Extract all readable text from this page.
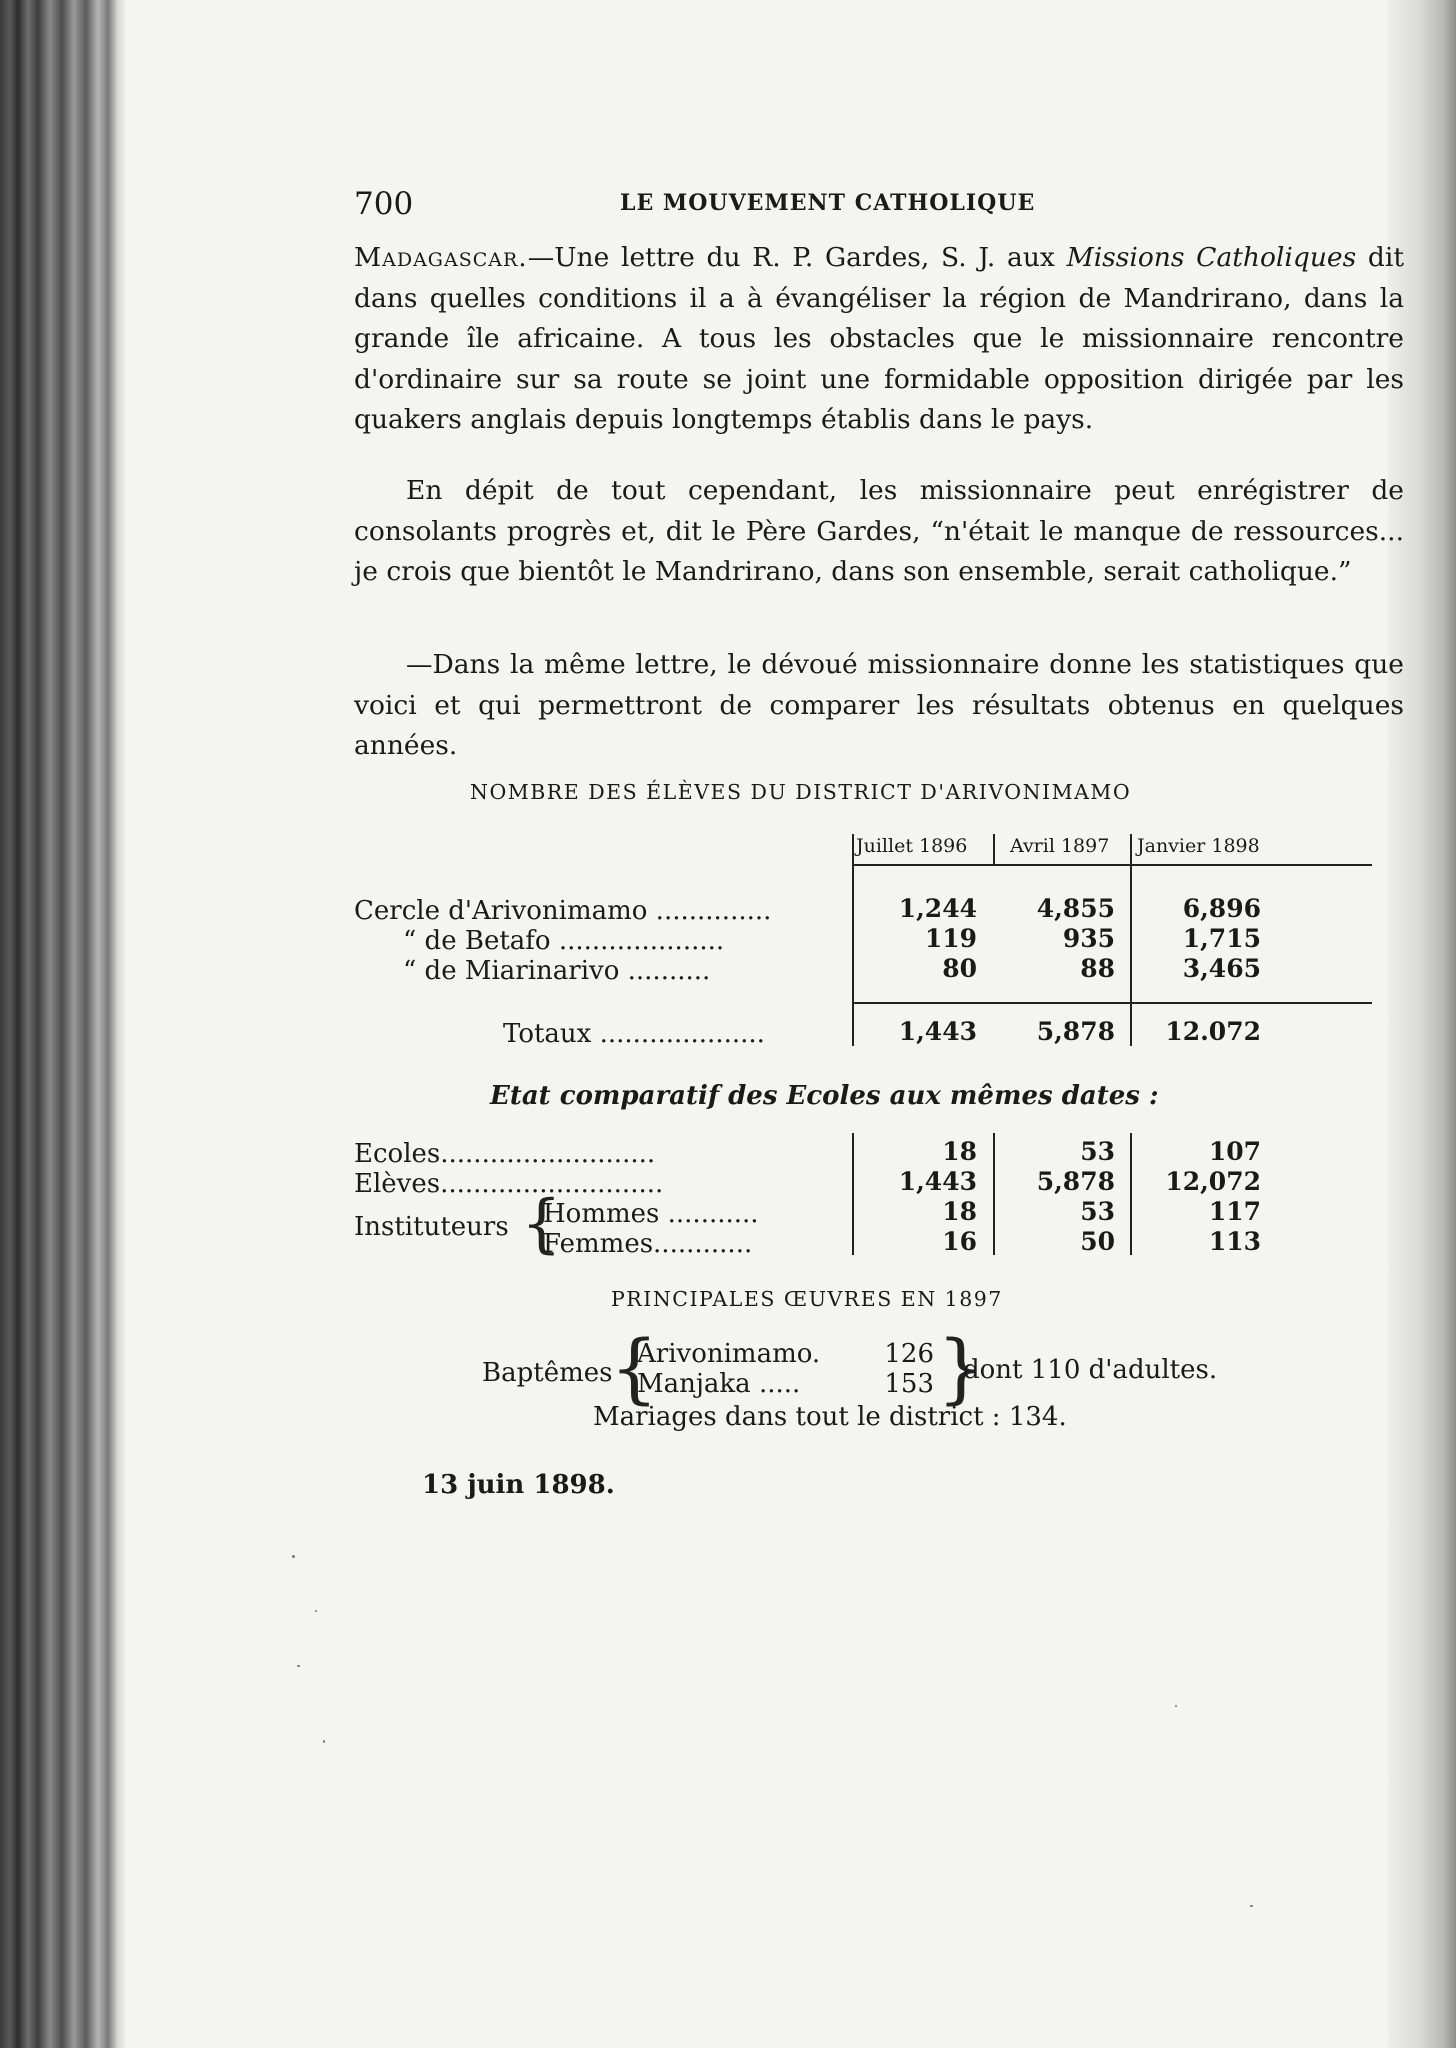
700	LE MOUVEMENT CATHOLIQUE
Madagascar.—Une lettre du R. P. Gardes, S. J. aux Missions Catholiques dit dans quelles conditions il a à évangéliser la région de Mandrirano, dans la grande île africaine. A tous les obstacles que le missionnaire rencontre d'ordinaire sur sa route se joint une formidable opposition dirigée par les quakers anglais depuis longtemps établis dans le pays.
En dépit de tout cependant, les missionnaire peut enrégistrer de consolants progrès et, dit le Père Gardes, “n'était le manque de ressources... je crois que bientôt le Mandrirano, dans son ensemble, serait catholique.”
—Dans la même lettre, le dévoué missionnaire donne les statistiques que voici et qui permettront de comparer les résultats obtenus en quelques années.
NOMBRE DES ÉLÈVES DU DISTRICT D'ARIVONIMAMO
Juillet 1896 Avril 1897 Janvier 1898
Cercle d'Arivonimamo ..............	1,244	4,855	6,896
“ de Betafo ....................	119	935	1,715
“ de Miarinarivo ..........	80	88	3,465
Totaux ....................	1,443	5,878	12.072
Etat comparatif des Ecoles aux mêmes dates :
Ecoles..........................	18	53	107
Elèves...........................	1,443	5,878	12,072
Instituteurs {
Hommes ...........	18	53	117
Femmes............	16	50	113
PRINCIPALES ŒUVRES EN 1897
Baptêmes
{
Arivonimamo. 126
Manjaka .....	153 }
dont 110 d'adultes.
Mariages dans tout le district : 134.
13 juin 1898.
